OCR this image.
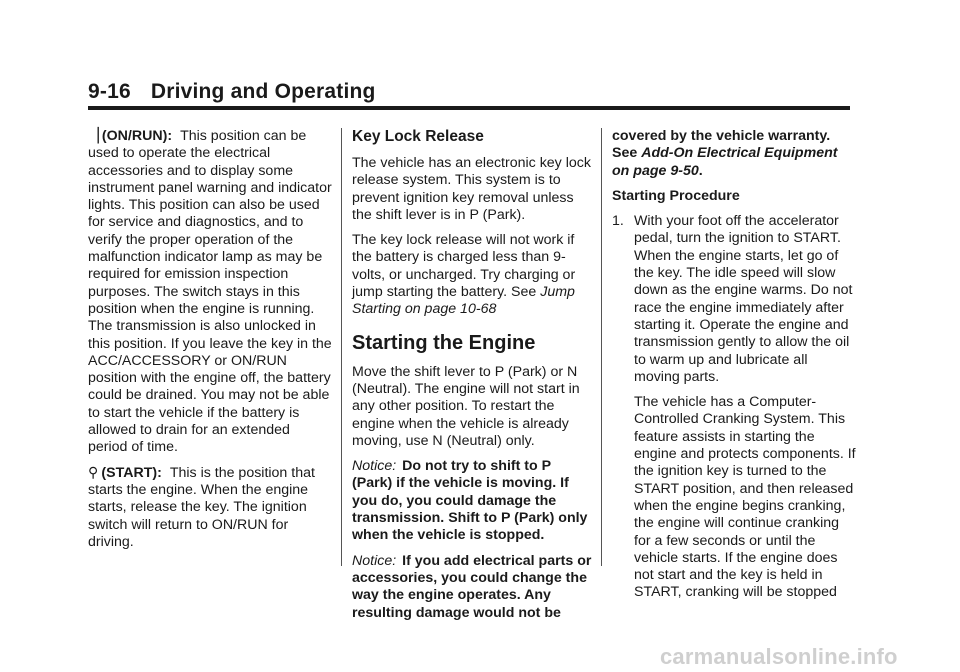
9-16 Driving and Operating

▕ (ON/RUN): This position can be used to operate the electrical accessories and to display some instrument panel warning and indicator lights. This position can also be used for service and diagnostics, and to verify the proper operation of the malfunction indicator lamp as may be required for emission inspection purposes. The switch stays in this position when the engine is running. The transmission is also unlocked in this position. If you leave the key in the ACC/ACCESSORY or ON/RUN position with the engine off, the battery could be drained. You may not be able to start the vehicle if the battery is allowed to drain for an extended period of time.

⚲ (START): This is the position that starts the engine. When the engine starts, release the key. The ignition switch will return to ON/RUN for driving.

Key Lock Release

The vehicle has an electronic key lock release system. This system is to prevent ignition key removal unless the shift lever is in P (Park).

The key lock release will not work if the battery is charged less than 9-volts, or uncharged. Try charging or jump starting the battery. See Jump Starting on page 10-68

Starting the Engine

Move the shift lever to P (Park) or N (Neutral). The engine will not start in any other position. To restart the engine when the vehicle is already moving, use N (Neutral) only.

Notice: Do not try to shift to P (Park) if the vehicle is moving. If you do, you could damage the transmission. Shift to P (Park) only when the vehicle is stopped.

Notice: If you add electrical parts or accessories, you could change the way the engine operates. Any resulting damage would not be

covered by the vehicle warranty. See Add-On Electrical Equipment on page 9-50.

Starting Procedure
1. With your foot off the accelerator pedal, turn the ignition to START. When the engine starts, let go of the key. The idle speed will slow down as the engine warms. Do not race the engine immediately after starting it. Operate the engine and transmission gently to allow the oil to warm up and lubricate all moving parts.

The vehicle has a Computer-Controlled Cranking System. This feature assists in starting the engine and protects components. If the ignition key is turned to the START position, and then released when the engine begins cranking, the engine will continue cranking for a few seconds or until the vehicle starts. If the engine does not start and the key is held in START, cranking will be stopped

carmanualsonline.info
